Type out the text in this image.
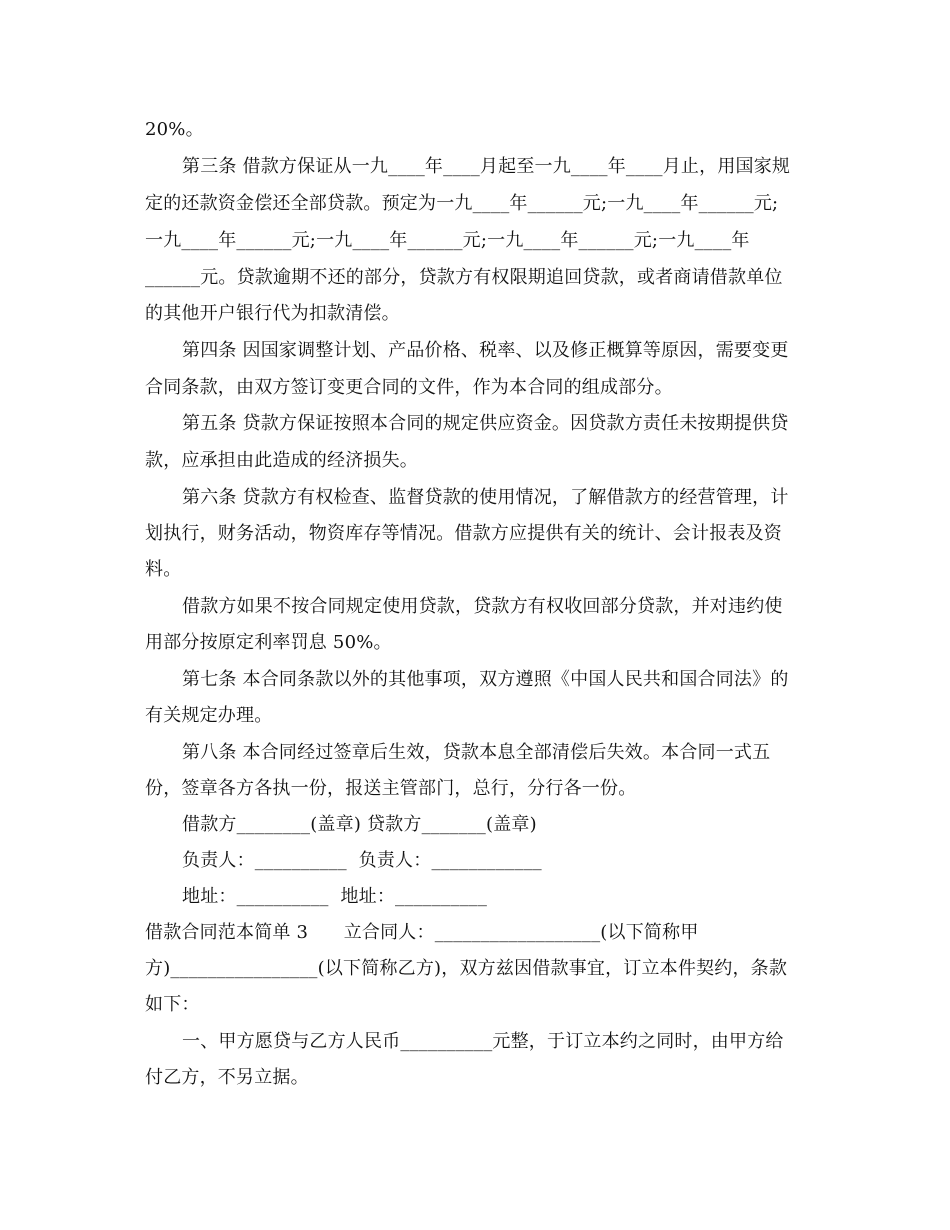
20%。
第三条 借款方保证从一九____年____月起至一九____年____月止，用国家规
定的还款资金偿还全部贷款。预定为一九____年______元;一九____年______元;
一九____年______元;一九____年______元;一九____年______元;一九____年
______元。贷款逾期不还的部分，贷款方有权限期追回贷款，或者商请借款单位
的其他开户银行代为扣款清偿。
第四条 因国家调整计划、产品价格、税率、以及修正概算等原因，需要变更
合同条款，由双方签订变更合同的文件，作为本合同的组成部分。
第五条 贷款方保证按照本合同的规定供应资金。因贷款方责任未按期提供贷
款，应承担由此造成的经济损失。
第六条 贷款方有权检查、监督贷款的使用情况，了解借款方的经营管理，计
划执行，财务活动，物资库存等情况。借款方应提供有关的统计、会计报表及资
料。
借款方如果不按合同规定使用贷款，贷款方有权收回部分贷款，并对违约使
用部分按原定利率罚息 50%。
第七条 本合同条款以外的其他事项，双方遵照《中国人民共和国合同法》的
有关规定办理。
第八条 本合同经过签章后生效，贷款本息全部清偿后失效。本合同一式五
份，签章各方各执一份，报送主管部门，总行，分行各一份。
借款方________(盖章) 贷款方_______(盖章)
负责人：__________  负责人：____________
地址：__________  地址：__________
借款合同范本简单 3      立合同人：__________________(以下简称甲
方)________________(以下简称乙方)，双方兹因借款事宜，订立本件契约，条款
如下：
一、甲方愿贷与乙方人民币__________元整，于订立本约之同时，由甲方给
付乙方，不另立据。
